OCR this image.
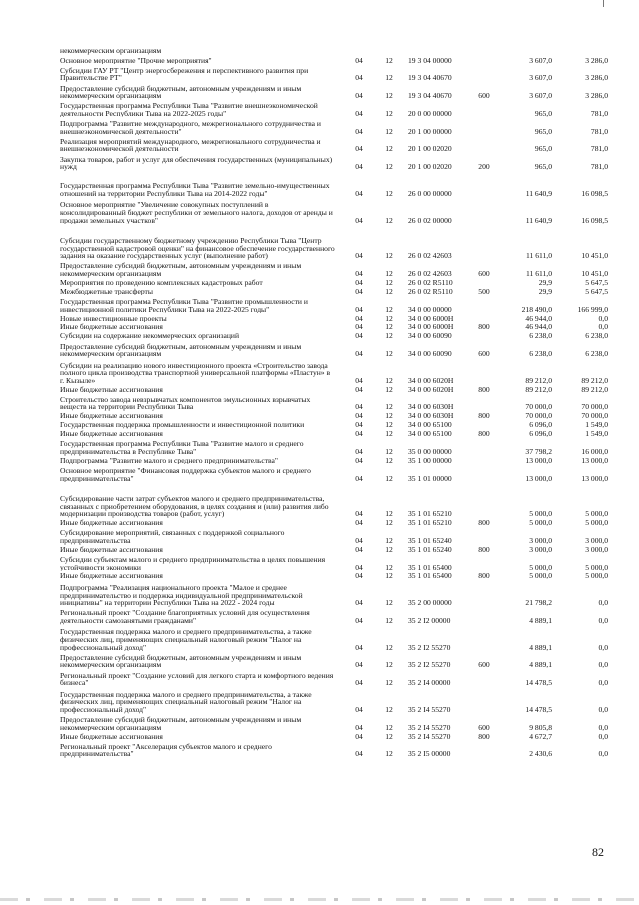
некоммерческим организациям						

Основное мероприятие "Прочие мероприятия"	04	12	19 3 04 00000		3 607,0	3 286,0

Субсидии ГАУ РТ "Центр энергосбережения и перспективного развития при Правительстве РТ"	04	12	19 3 04 40670		3 607,0	3 286,0

Предоставление субсидий бюджетным, автономным учреждениям и иным некоммерческим организациям	04	12	19 3 04 40670	600	3 607,0	3 286,0

Государственная программа Республики Тыва "Развитие внешнеэкономической деятельности Республики Тыва на 2022-2025 годы"	04	12	20 0 00 00000		965,0	781,0

Подпрограмма "Развитие международного, межрегионального сотрудничества и внешнеэкономической деятельности"	04	12	20 1 00 00000		965,0	781,0

Реализация мероприятий международного, межрегионального сотрудничества и внешнеэкономической деятельности	04	12	20 1 00 02020		965,0	781,0

Закупка товаров, работ и услуг для обеспечения государственных (муниципальных) нужд	04	12	20 1 00 02020	200	965,0	781,0

Государственная программа Республики Тыва "Развитие земельно-имущественных отношений на территории Республики Тыва на 2014-2022 годы"	04	12	26 0 00 00000		11 640,9	16 098,5

Основное мероприятие "Увеличение совокупных поступлений в консолидированный бюджет республики от земельного налога, доходов от аренды и продажи земельных участков"	04	12	26 0 02 00000		11 640,9	16 098,5

Субсидии государственному бюджетному учреждению Республики Тыва "Центр государственной кадастровой оценки" на финансовое обеспечение государственного задания на оказание государственных услуг (выполнение работ)	04	12	26 0 02 42603		11 611,0	10 451,0

Предоставление субсидий бюджетным, автономным учреждениям и иным некоммерческим организациям	04	12	26 0 02 42603	600	11 611,0	10 451,0

Мероприятия по проведению комплексных кадастровых работ	04	12	26 0 02 R5110		29,9	5 647,5

Межбюджетные трансферты	04	12	26 0 02 R5110	500	29,9	5 647,5

Государственная программа Республики Тыва "Развитие промышленности и инвестиционной политики Республики Тыва на 2022-2025 годы"	04	12	34 0 00 00000		218 490,0	166 999,0

Новые инвестиционные проекты	04	12	34 0 00 6000H		46 944,0	0,0

Иные бюджетные ассигнования	04	12	34 0 00 6000H	800	46 944,0	0,0

Субсидии на содержание некоммерческих организаций	04	12	34 0 00 60090		6 238,0	6 238,0

Предоставление субсидий бюджетным, автономным учреждениям и иным некоммерческим организациям	04	12	34 0 00 60090	600	6 238,0	6 238,0

Субсидии на реализацию нового инвестиционного проекта «Строительство завода полного цикла производства транспортной универсальной платформы «Пластун» в г. Кызыле»	04	12	34 0 00 6020H		89 212,0	89 212,0

Иные бюджетные ассигнования	04	12	34 0 00 6020H	800	89 212,0	89 212,0

Строительство завода невзрывчатых компонентов эмульсионных взрывчатых веществ на территории Республики Тыва	04	12	34 0 00 6030H		70 000,0	70 000,0

Иные бюджетные ассигнования	04	12	34 0 00 6030H	800	70 000,0	70 000,0

Государственная поддержка промышленности и инвестиционной политики	04	12	34 0 00 65100		6 096,0	1 549,0

Иные бюджетные ассигнования	04	12	34 0 00 65100	800	6 096,0	1 549,0

Государственная программа Республики Тыва "Развитие малого и среднего предпринимательства в Республике Тыва"	04	12	35 0 00 00000		37 798,2	16 000,0

Подпрограмма "Развитие малого и среднего предпринимательства"	04	12	35 1 00 00000		13 000,0	13 000,0

Основное мероприятие "Финансовая поддержка субъектов малого и среднего предпринимательства"	04	12	35 1 01 00000		13 000,0	13 000,0

Субсидирование части затрат субъектов малого и среднего предпринимательства, связанных с приобретением оборудования, в целях создания и (или) развития либо модернизации производства товаров (работ, услуг)	04	12	35 1 01 65210		5 000,0	5 000,0

Иные бюджетные ассигнования	04	12	35 1 01 65210	800	5 000,0	5 000,0

Субсидирование мероприятий, связанных с поддержкой социального предпринимательства	04	12	35 1 01 65240		3 000,0	3 000,0

Иные бюджетные ассигнования	04	12	35 1 01 65240	800	3 000,0	3 000,0

Субсидии субъектам малого и среднего предпринимательства в целях повышения устойчивости экономики	04	12	35 1 01 65400		5 000,0	5 000,0

Иные бюджетные ассигнования	04	12	35 1 01 65400	800	5 000,0	5 000,0

Подпрограмма "Реализация национального проекта "Малое и среднее предпринимательство и поддержка индивидуальной предпринимательской инициативы" на территории Республики Тыва на 2022 - 2024 годы	04	12	35 2 00 00000		21 798,2	0,0

Региональный проект "Создание благоприятных условий для осуществления деятельности самозанятыми гражданами"	04	12	35 2 I2 00000		4 889,1	0,0

Государственная поддержка малого и среднего предпринимательства, а также физических лиц, применяющих специальный налоговый режим "Налог на профессиональный доход"	04	12	35 2 I2 55270		4 889,1	0,0

Предоставление субсидий бюджетным, автономным учреждениям и иным некоммерческим организациям	04	12	35 2 I2 55270	600	4 889,1	0,0

Региональный проект "Создание условий для легкого старта и комфортного ведения бизнеса"	04	12	35 2 I4 00000		14 478,5	0,0

Государственная поддержка малого и среднего предпринимательства, а также физических лиц, применяющих специальный налоговый режим "Налог на профессиональный доход"	04	12	35 2 I4 55270		14 478,5	0,0

Предоставление субсидий бюджетным, автономным учреждениям и иным некоммерческим организациям	04	12	35 2 I4 55270	600	9 805,8	0,0

Иные бюджетные ассигнования	04	12	35 2 I4 55270	800	4 672,7	0,0

Региональный проект "Акселерация субъектов малого и среднего предпринимательства"	04	12	35 2 I5 00000		2 430,6	0,0
82
